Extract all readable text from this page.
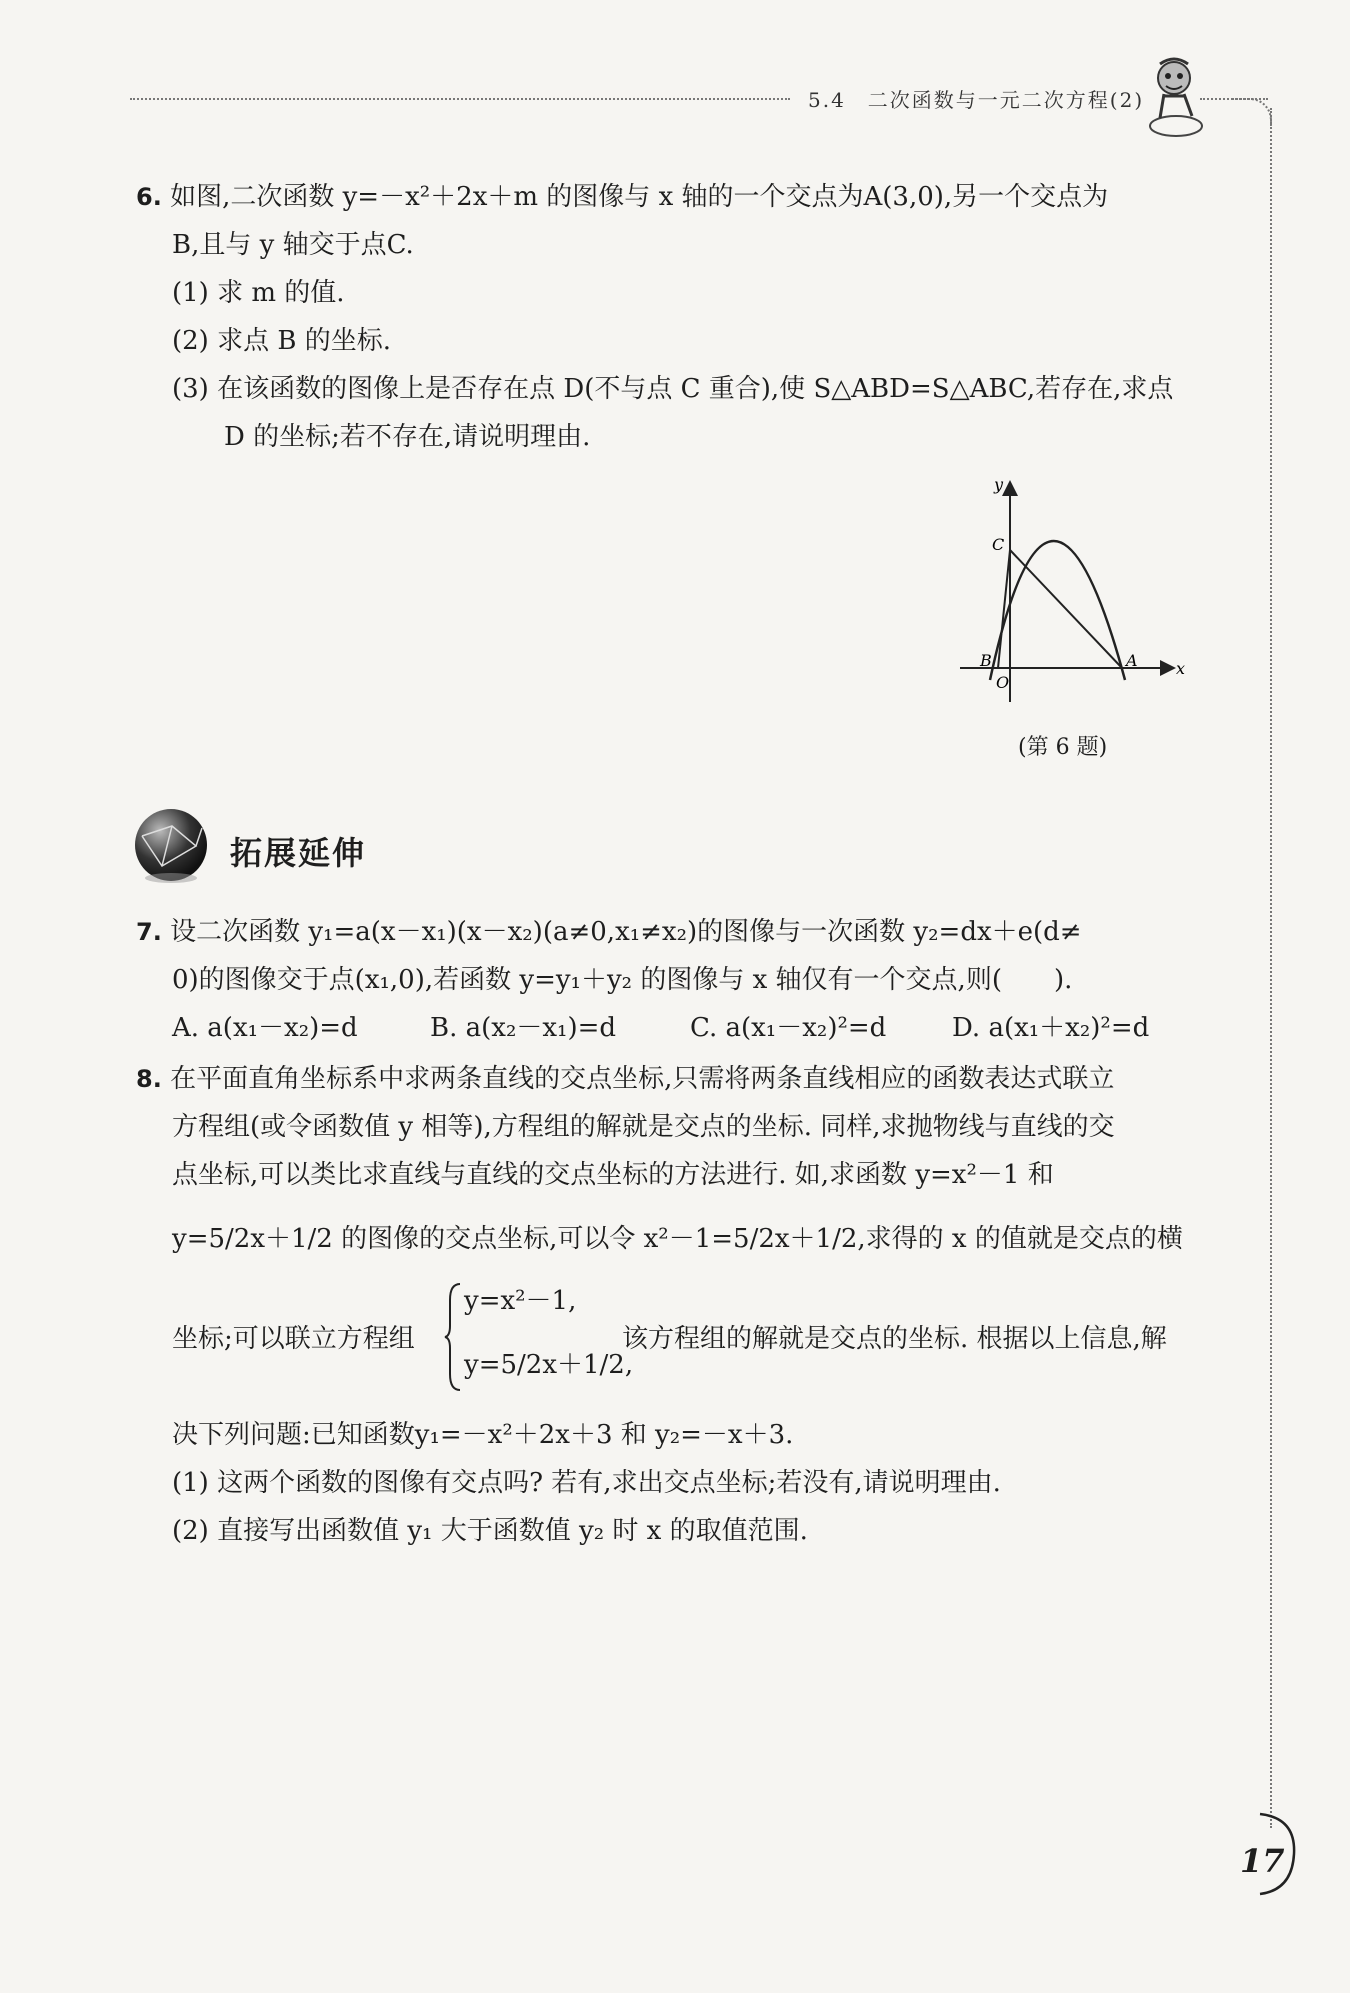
5.4　二次函数与一元二次方程(2)
6. 如图,二次函数 y=－x²＋2x＋m 的图像与 x 轴的一个交点为A(3,0),另一个交点为
B,且与 y 轴交于点C.
(1) 求 m 的值.
(2) 求点 B 的坐标.
(3) 在该函数的图像上是否存在点 D(不与点 C 重合),使 S△ABD=S△ABC,若存在,求点
D 的坐标;若不存在,请说明理由.
y
x
C
B
O
A
(第 6 题)
拓展延伸
7. 设二次函数 y₁=a(x－x₁)(x－x₂)(a≠0,x₁≠x₂)的图像与一次函数 y₂=dx＋e(d≠
0)的图像交于点(x₁,0),若函数 y=y₁＋y₂ 的图像与 x 轴仅有一个交点,则(　　).
A. a(x₁－x₂)=d	B. a(x₂－x₁)=d	C. a(x₁－x₂)²=d	D. a(x₁＋x₂)²=d
8. 在平面直角坐标系中求两条直线的交点坐标,只需将两条直线相应的函数表达式联立
方程组(或令函数值 y 相等),方程组的解就是交点的坐标. 同样,求抛物线与直线的交
点坐标,可以类比求直线与直线的交点坐标的方法进行. 如,求函数 y=x²－1 和
y=5/2x＋1/2 的图像的交点坐标,可以令 x²－1=5/2x＋1/2,求得的 x 的值就是交点的横
坐标;可以联立方程组
y=x²－1,
y=5/2x＋1/2,
该方程组的解就是交点的坐标. 根据以上信息,解
决下列问题:已知函数y₁=－x²＋2x＋3 和 y₂=－x＋3.
(1) 这两个函数的图像有交点吗? 若有,求出交点坐标;若没有,请说明理由.
(2) 直接写出函数值 y₁ 大于函数值 y₂ 时 x 的取值范围.
17
